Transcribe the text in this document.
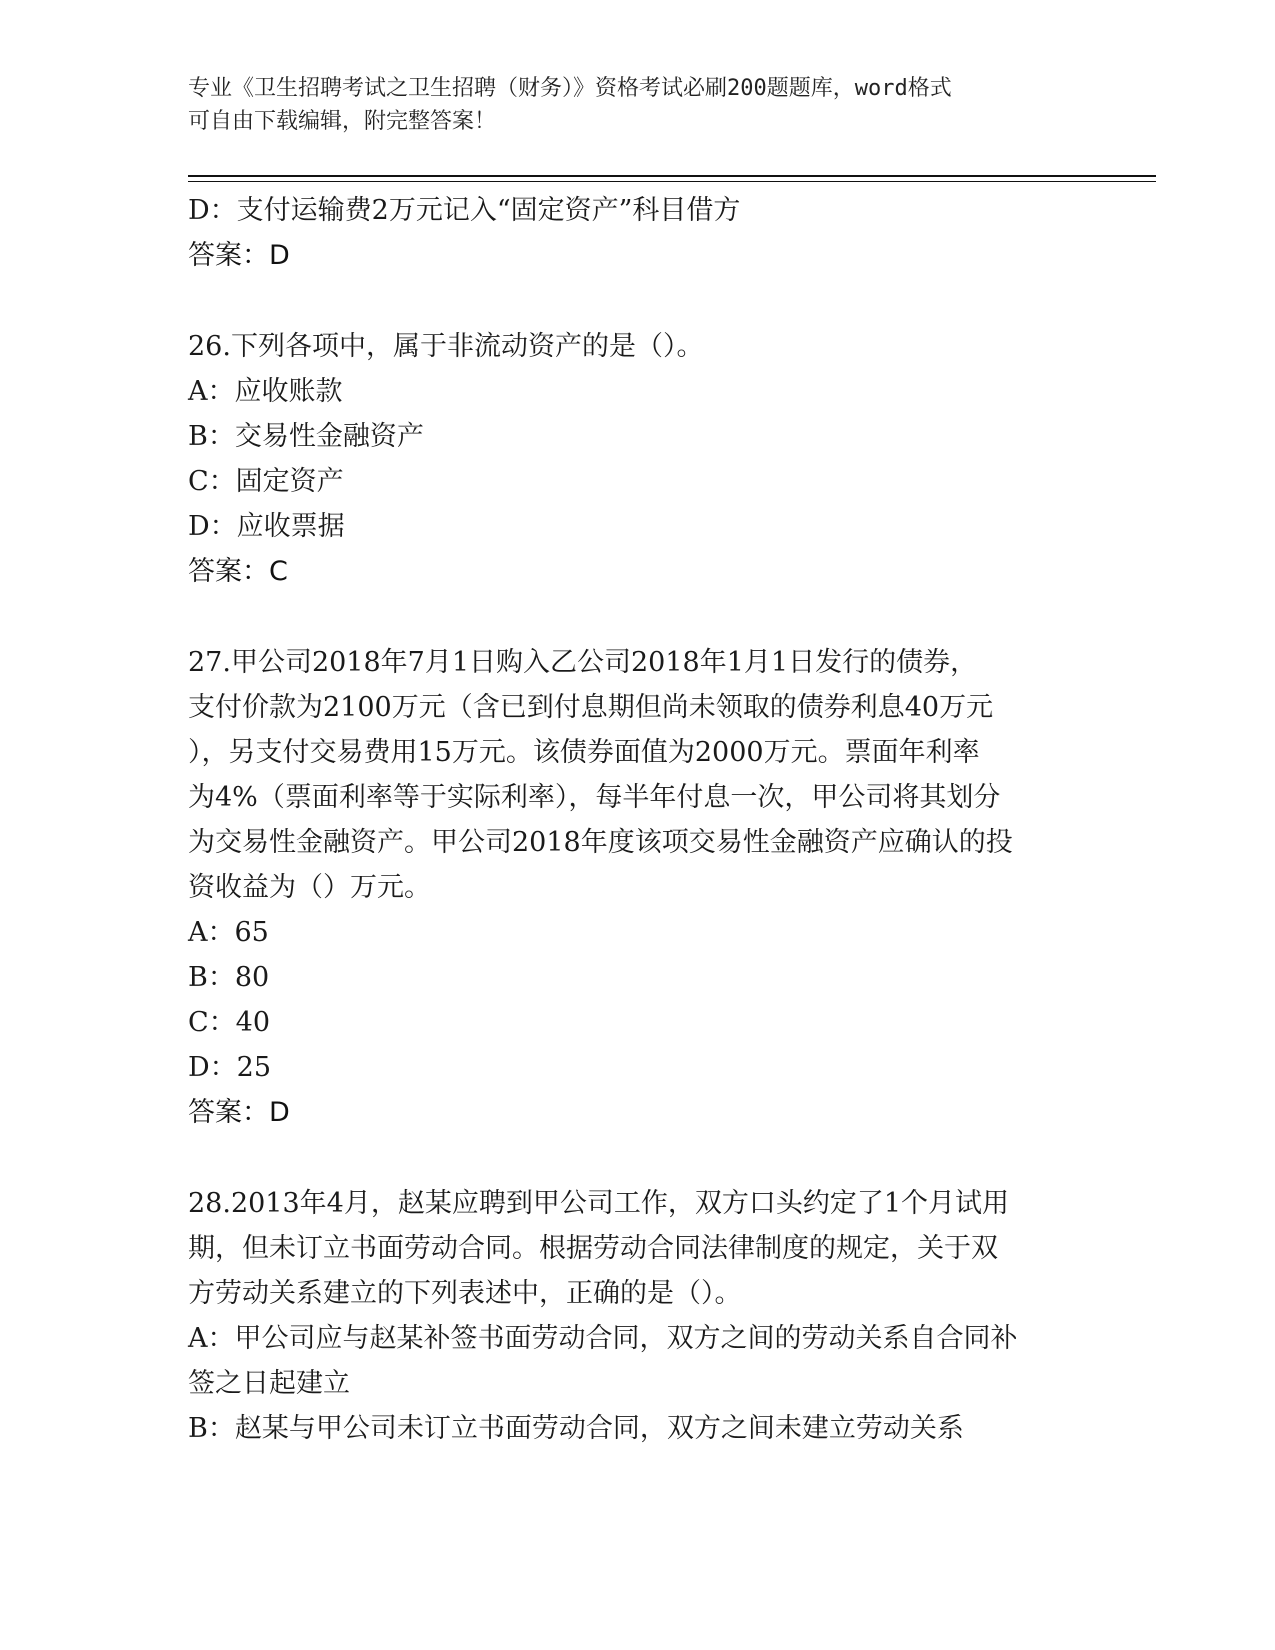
专业《卫生招聘考试之卫生招聘（财务）》资格考试必刷200题题库，word格式
可自由下载编辑，附完整答案！
D：支付运输费2万元记入“固定资产”科目借方
答案：D
26.下列各项中，属于非流动资产的是（）。
A：应收账款
B：交易性金融资产
C：固定资产
D：应收票据
答案：C
27.甲公司2018年7月1日购入乙公司2018年1月1日发行的债券，
支付价款为2100万元（含已到付息期但尚未领取的债券利息40万元
），另支付交易费用15万元。该债券面值为2000万元。票面年利率
为4%（票面利率等于实际利率），每半年付息一次，甲公司将其划分
为交易性金融资产。甲公司2018年度该项交易性金融资产应确认的投
资收益为（）万元。
A：65
B：80
C：40
D：25
答案：D
28.2013年4月，赵某应聘到甲公司工作，双方口头约定了1个月试用
期，但未订立书面劳动合同。根据劳动合同法律制度的规定，关于双
方劳动关系建立的下列表述中，正确的是（）。
A：甲公司应与赵某补签书面劳动合同，双方之间的劳动关系自合同补
签之日起建立
B：赵某与甲公司未订立书面劳动合同，双方之间未建立劳动关系
